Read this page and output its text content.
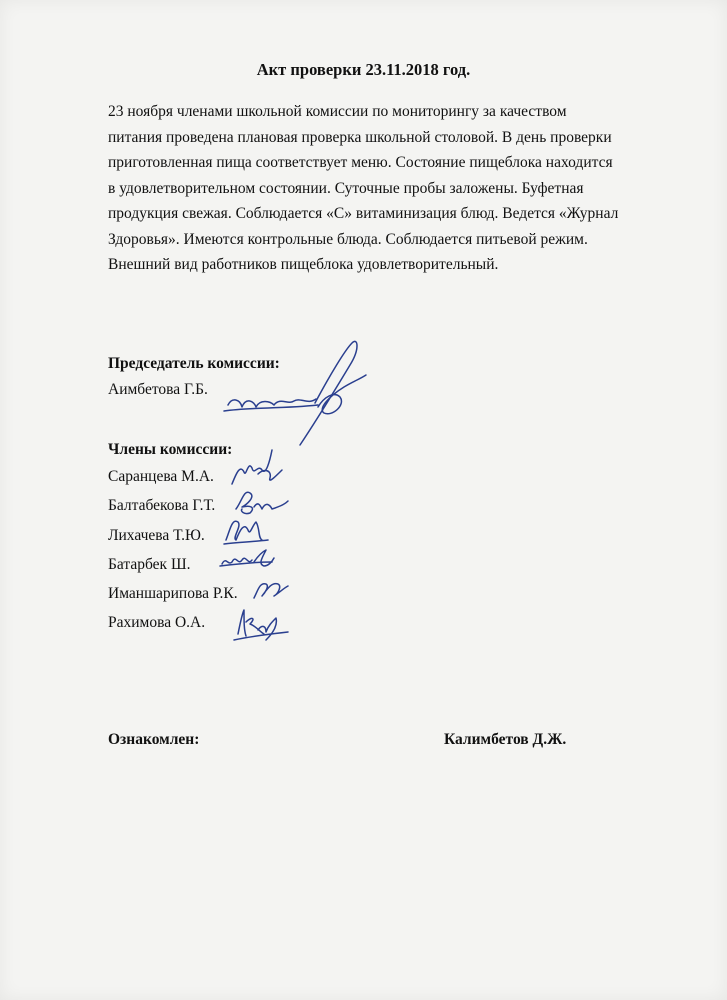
Акт проверки 23.11.2018 год.
23 ноября членами школьной комиссии по мониторингу за качеством
питания проведена плановая проверка школьной столовой. В день проверки
приготовленная пища соответствует меню. Состояние пищеблока находится
в удовлетворительном состоянии. Суточные пробы заложены. Буфетная
продукция свежая. Соблюдается «С» витаминизация блюд. Ведется «Журнал
Здоровья». Имеются контрольные блюда. Соблюдается питьевой режим.
Внешний вид работников пищеблока удовлетворительный.
Председатель комиссии:
Аимбетова Г.Б.
Члены комиссии:
Саранцева М.А.
Балтабекова Г.Т.
Лихачева Т.Ю.
Батарбек Ш.
Иманшарипова Р.К.
Рахимова О.А.
Ознакомлен:	Калимбетов Д.Ж.
